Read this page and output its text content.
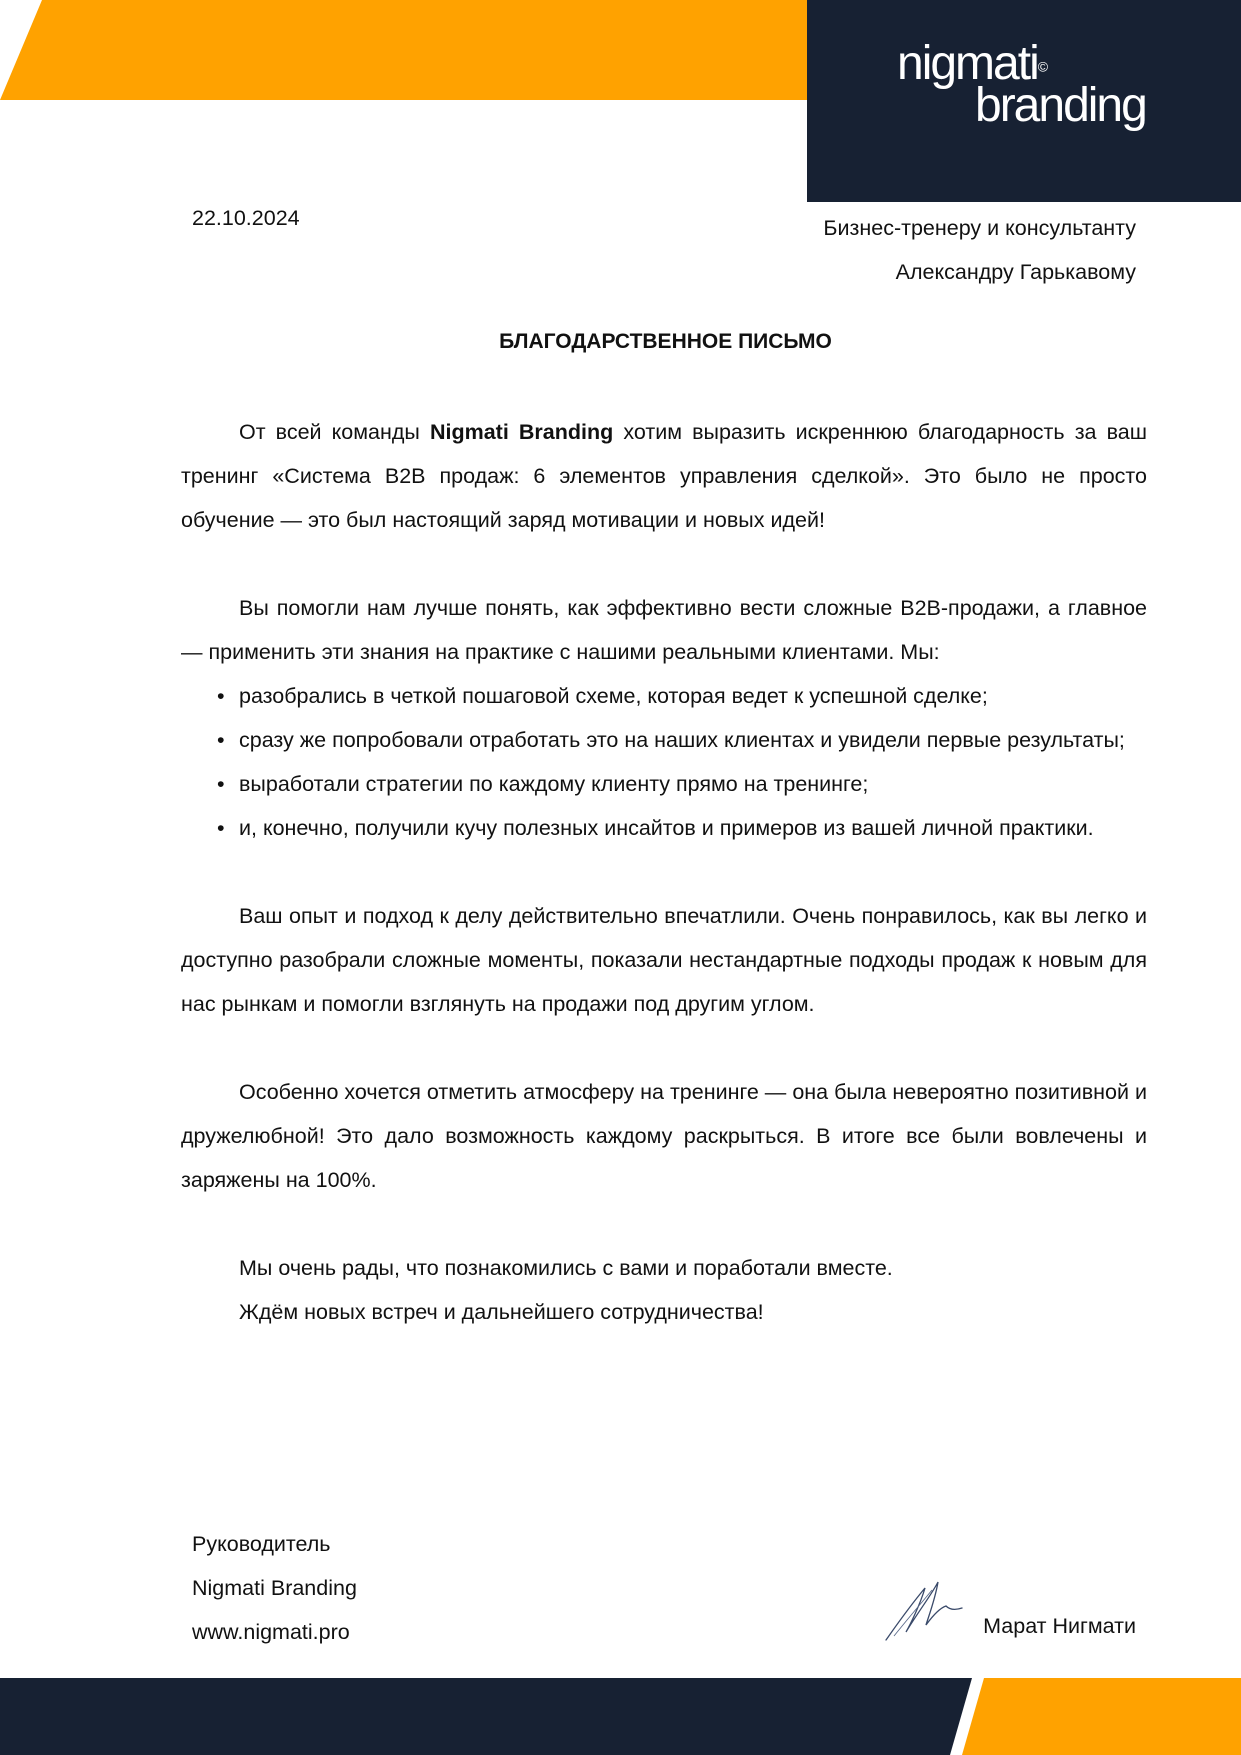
nigmati©
branding
22.10.2024	Бизнес-тренеру и консультанту
Александру Гарькавому
БЛАГОДАРСТВЕННОЕ ПИСЬМО

От всей команды Nigmati Branding хотим выразить искреннюю благодарность за ваш тренинг «Система B2B продаж: 6 элементов управления сделкой». Это было не просто обучение — это был настоящий заряд мотивации и новых идей!

Вы помогли нам лучше понять, как эффективно вести сложные B2B-продажи, а главное — применить эти знания на практике с нашими реальными клиентами. Мы:

• разобрались в четкой пошаговой схеме, которая ведет к успешной сделке;
• сразу же попробовали отработать это на наших клиентах и увидели первые результаты;
• выработали стратегии по каждому клиенту прямо на тренинге;
• и, конечно, получили кучу полезных инсайтов и примеров из вашей личной практики.

Ваш опыт и подход к делу действительно впечатлили. Очень понравилось, как вы легко и доступно разобрали сложные моменты, показали нестандартные подходы продаж к новым для нас рынкам и помогли взглянуть на продажи под другим углом.

Особенно хочется отметить атмосферу на тренинге — она была невероятно позитивной и дружелюбной! Это дало возможность каждому раскрыться. В итоге все были вовлечены и заряжены на 100%.

Мы очень рады, что познакомились с вами и поработали вместе.

Ждём новых встреч и дальнейшего сотрудничества!

Руководитель
Nigmati Branding
www.nigmati.pro	Марат Нигмати
